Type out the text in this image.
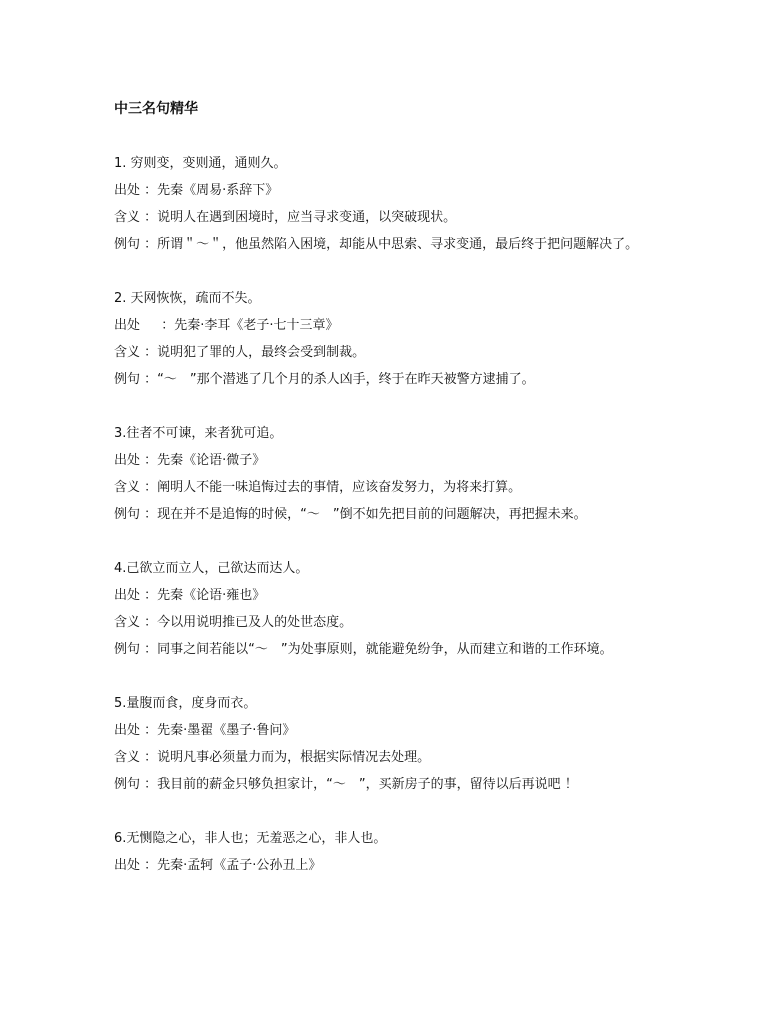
中三名句精华
1. 穷则变，变则通，通则久。
出处 ： 先秦《周易·系辞下》
含义 ： 说明人在遇到困境时，应当寻求变通，以突破现状。
例句 ： 所谓＂～＂，他虽然陷入困境，却能从中思索、寻求变通，最后终于把问题解决了。
2. 天网恢恢，疏而不失。
出处 　 ： 先秦·李耳《老子·七十三章》
含义 ： 说明犯了罪的人，最终会受到制裁。
例句 ： “～　”那个潜逃了几个月的杀人凶手，终于在昨天被警方逮捕了。
3.往者不可谏，来者犹可追。
出处 ： 先秦《论语·微子》
含义 ： 阐明人不能一味追悔过去的事情，应该奋发努力，为将来打算。
例句 ： 现在并不是追悔的时候，“～　”倒不如先把目前的问题解决，再把握未来。
4.己欲立而立人，己欲达而达人。
出处 ： 先秦《论语·雍也》
含义 ： 今以用说明推已及人的处世态度。
例句 ： 同事之间若能以“～　”为处事原则，就能避免纷争，从而建立和谐的工作环境。
5.量腹而食，度身而衣。
出处 ： 先秦·墨翟《墨子·鲁问》
含义 ： 说明凡事必须量力而为，根据实际情况去处理。
例句 ： 我目前的薪金只够负担家计，“～　”，买新房子的事，留待以后再说吧 ！
6.无恻隐之心，非人也；无羞恶之心，非人也。
出处 ： 先秦·孟轲《孟子·公孙丑上》
